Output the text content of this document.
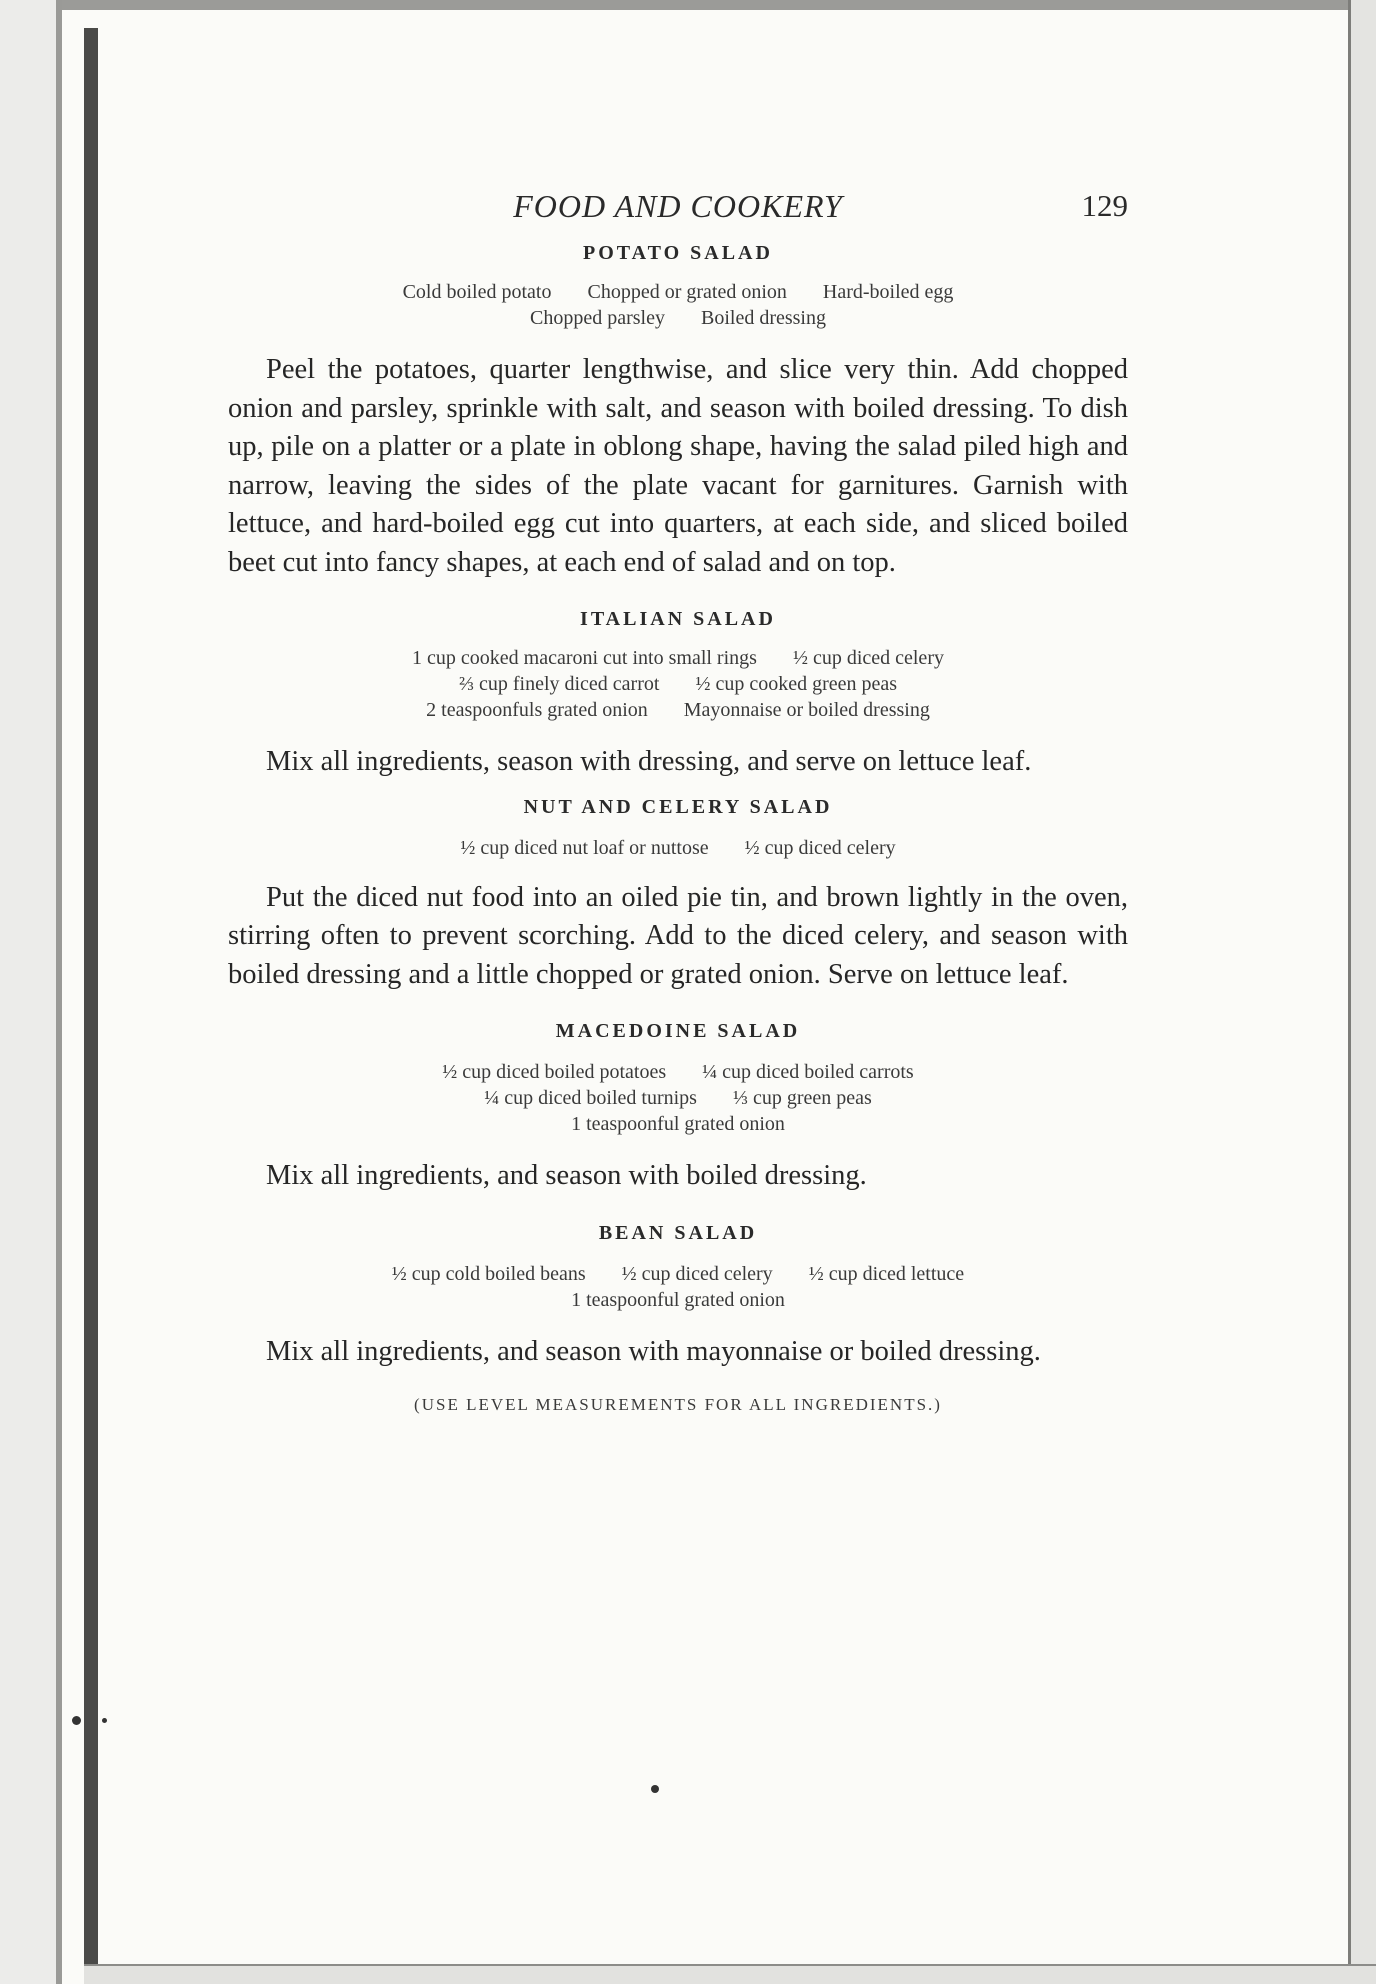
FOOD AND COOKERY	129
POTATO SALAD
Cold boiled potato Chopped or grated onion Hard-boiled egg
Chopped parsley Boiled dressing

Peel the potatoes, quarter lengthwise, and slice very thin. Add chopped onion and parsley, sprinkle with salt, and season with boiled dressing. To dish up, pile on a platter or a plate in oblong shape, having the salad piled high and narrow, leaving the sides of the plate vacant for garnitures. Garnish with lettuce, and hard-boiled egg cut into quarters, at each side, and sliced boiled beet cut into fancy shapes, at each end of salad and on top.

ITALIAN SALAD
1 cup cooked macaroni cut into small rings ½ cup diced celery
⅔ cup finely diced carrot ½ cup cooked green peas
2 teaspoonfuls grated onion Mayonnaise or boiled dressing

Mix all ingredients, season with dressing, and serve on lettuce leaf.

NUT AND CELERY SALAD
½ cup diced nut loaf or nuttose ½ cup diced celery

Put the diced nut food into an oiled pie tin, and brown lightly in the oven, stirring often to prevent scorching. Add to the diced celery, and season with boiled dressing and a little chopped or grated onion. Serve on lettuce leaf.

MACEDOINE SALAD
½ cup diced boiled potatoes ¼ cup diced boiled carrots
¼ cup diced boiled turnips ⅓ cup green peas
1 teaspoonful grated onion

Mix all ingredients, and season with boiled dressing.

BEAN SALAD
½ cup cold boiled beans ½ cup diced celery ½ cup diced lettuce
1 teaspoonful grated onion

Mix all ingredients, and season with mayonnaise or boiled dressing.

(USE LEVEL MEASUREMENTS FOR ALL INGREDIENTS.)
